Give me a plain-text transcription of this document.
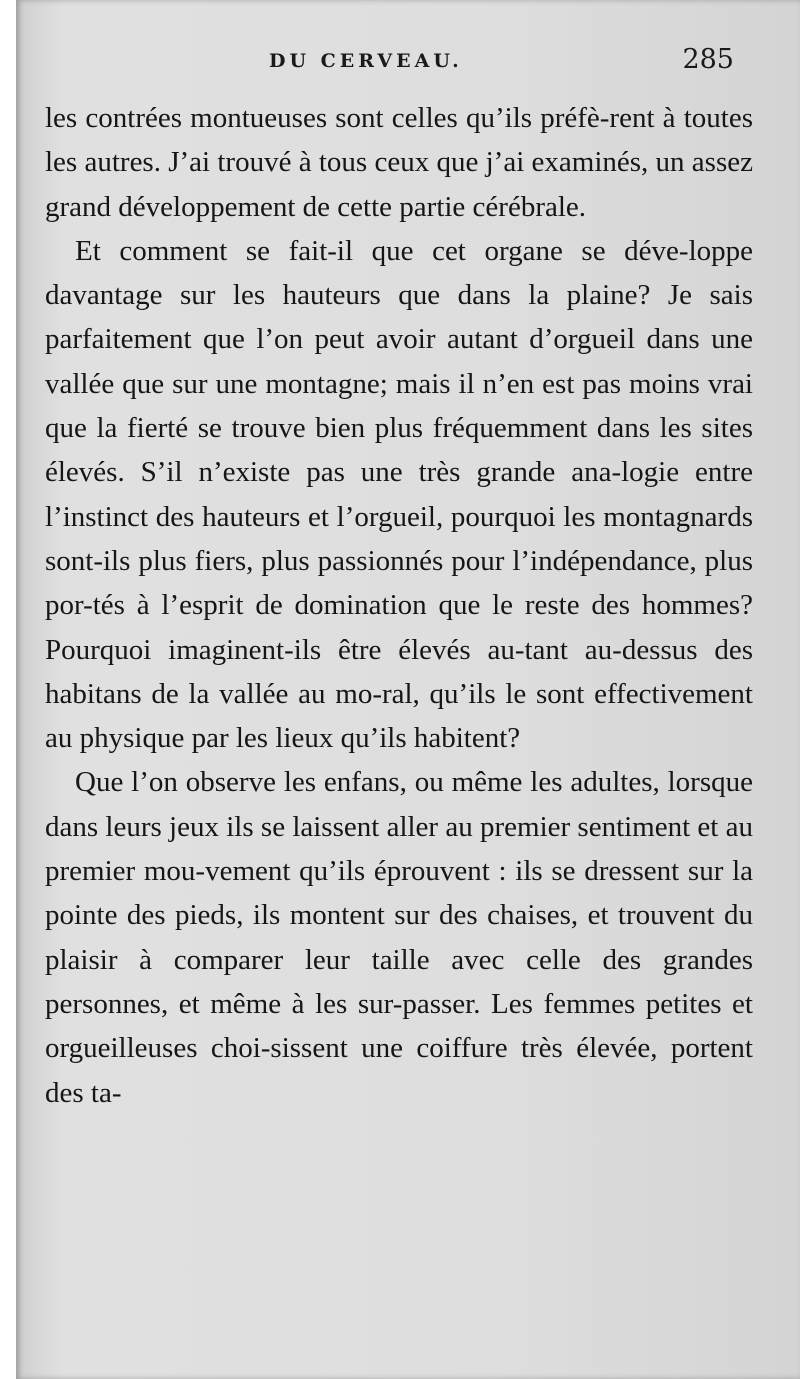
DU CERVEAU.	285

les contrées montueuses sont celles qu’ils préfè-rent à toutes les autres. J’ai trouvé à tous ceux que j’ai examinés, un assez grand développement de cette partie cérébrale.

Et comment se fait-il que cet organe se déve-loppe davantage sur les hauteurs que dans la plaine? Je sais parfaitement que l’on peut avoir autant d’orgueil dans une vallée que sur une montagne; mais il n’en est pas moins vrai que la fierté se trouve bien plus fréquemment dans les sites élevés. S’il n’existe pas une très grande ana-logie entre l’instinct des hauteurs et l’orgueil, pourquoi les montagnards sont-ils plus fiers, plus passionnés pour l’indépendance, plus por-tés à l’esprit de domination que le reste des hommes? Pourquoi imaginent-ils être élevés au-tant au-dessus des habitans de la vallée au mo-ral, qu’ils le sont effectivement au physique par les lieux qu’ils habitent?

Que l’on observe les enfans, ou même les adultes, lorsque dans leurs jeux ils se laissent aller au premier sentiment et au premier mou-vement qu’ils éprouvent : ils se dressent sur la pointe des pieds, ils montent sur des chaises, et trouvent du plaisir à comparer leur taille avec celle des grandes personnes, et même à les sur-passer. Les femmes petites et orgueilleuses choi-sissent une coiffure très élevée, portent des ta-
